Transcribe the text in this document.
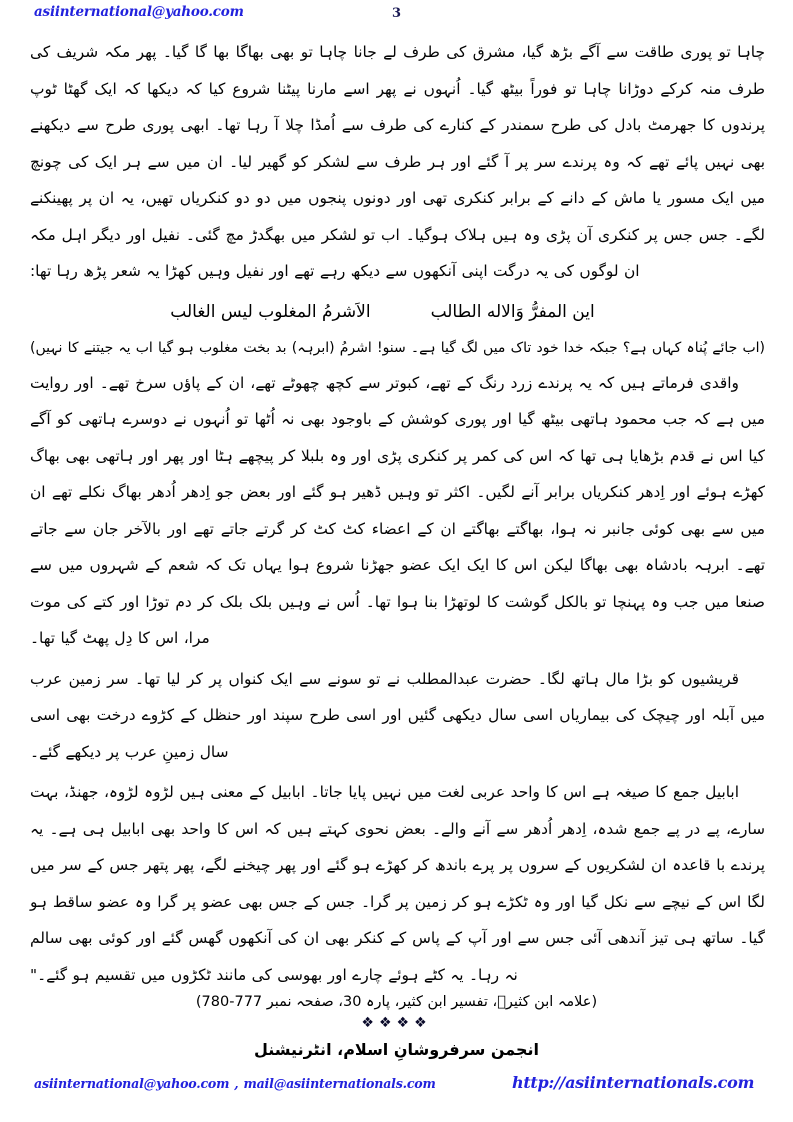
asiinternational@yahoo.com	3

چاہا تو پوری طاقت سے آگے بڑھ گیا، مشرق کی طرف لے جانا چاہا تو بھی بھاگا بھا گا گیا۔ پھر مکہ شریف کی طرف منہ کرکے دوڑانا چاہا تو فوراً بیٹھ گیا۔ اُنہوں نے پھر اسے مارنا پیٹنا شروع کیا کہ دیکھا کہ ایک گھٹا ٹوپ پرندوں کا جھرمٹ بادل کی طرح سمندر کے کنارے کی طرف سے اُمڈا چلا آ رہا تھا۔ ابھی پوری طرح سے دیکھنے بھی نہیں پائے تھے کہ وہ پرندے سر پر آ گئے اور ہر طرف سے لشکر کو گھیر لیا۔ ان میں سے ہر ایک کی چونچ میں ایک مسور یا ماش کے دانے کے برابر کنکری تھی اور دونوں پنجوں میں دو دو کنکریاں تھیں، یہ ان پر پھینکنے لگے۔ جس جس پر کنکری آن پڑی وہ ہیں ہلاک ہوگیا۔ اب تو لشکر میں بھگدڑ مچ گئی۔ نفیل اور دیگر اہل مکہ ان لوگوں کی یہ درگت اپنی آنکھوں سے دیکھ رہے تھے اور نفیل وہیں کھڑا یہ شعر پڑھ رہا تھا:

اين المفرُّ وَالاله الطالب
الاَشرمُ المغلوب ليس الغالب
(اب جائے پُناہ کہاں ہے؟ جبکہ خدا خود تاک میں لگ گیا ہے۔ سنو! اشرمُ (ابرہہ) بد بخت مغلوب ہو گیا اب یہ جیتنے کا نہیں)

واقدی فرماتے ہیں کہ یہ پرندے زرد رنگ کے تھے، کبوتر سے کچھ چھوٹے تھے، ان کے پاؤں سرخ تھے۔ اور روایت میں ہے کہ جب محمود ہاتھی بیٹھ گیا اور پوری کوشش کے باوجود بھی نہ اُٹھا تو اُنہوں نے دوسرے ہاتھی کو آگے کیا اس نے قدم بڑھایا ہی تھا کہ اس کی کمر پر کنکری پڑی اور وہ بلبلا کر پیچھے ہٹا اور پھر اور ہاتھی بھی بھاگ کھڑے ہوئے اور اِدھر کنکریاں برابر آنے لگیں۔ اکثر تو وہیں ڈھیر ہو گئے اور بعض جو اِدھر اُدھر بھاگ نکلے تھے ان میں سے بھی کوئی جانبر نہ ہوا، بھاگتے بھاگتے ان کے اعضاء کٹ کٹ کر گرتے جاتے تھے اور بالآخر جان سے جاتے تھے۔ ابرہہ بادشاہ بھی بھاگا لیکن اس کا ایک ایک عضو جھڑنا شروع ہوا یہاں تک کہ شعم کے شہروں میں سے صنعا میں جب وہ پہنچا تو بالکل گوشت کا لوتھڑا بنا ہوا تھا۔ اُس نے وہیں بلک بلک کر دم توڑا اور کتے کی موت مرا، اس کا دِل پھٹ گیا تھا۔

قریشیوں کو بڑا مال ہاتھ لگا۔ حضرت عبدالمطلب نے تو سونے سے ایک کنواں پر کر لیا تھا۔ سر زمین عرب میں آبلہ اور چیچک کی بیماریاں اسی سال دیکھی گئیں اور اسی طرح سپند اور حنظل کے کڑوے درخت بھی اسی سال زمینِ عرب پر دیکھے گئے۔

ابابیل جمع کا صیغہ ہے اس کا واحد عربی لغت میں نہیں پایا جاتا۔ ابابیل کے معنی ہیں لڑوہ لڑوہ، جھنڈ، بہت سارے، پے در پے جمع شدہ، اِدھر اُدھر سے آنے والے۔ بعض نحوی کہتے ہیں کہ اس کا واحد بھی ابابیل ہی ہے۔ یہ پرندے با قاعدہ ان لشکریوں کے سروں پر پرے باندھ کر کھڑے ہو گئے اور پھر چیخنے لگے، پھر پتھر جس کے سر میں لگا اس کے نیچے سے نکل گیا اور وہ ٹکڑے ہو کر زمین پر گرا۔ جس کے جس بھی عضو پر گرا وہ عضو ساقط ہو گیا۔ ساتھ ہی تیز آندھی آئی جس سے اور آپ کے پاس کے کنکر بھی ان کی آنکھوں گھس گئے اور کوئی بھی سالم نہ رہا۔ یہ کٹے ہوئے چارے اور بھوسی کی مانند ٹکڑوں میں تقسیم ہو گئے۔"

(علامہ ابن کثیرؒ، تفسیر ابن کثیر، پارہ 30، صفحہ نمبر 777-780)
❖❖❖❖
انجمن سرفروشانِ اسلام، انٹرنیشنل
asiinternational@yahoo.com , mail@asiinternationals.com	http://asiinternationals.com
